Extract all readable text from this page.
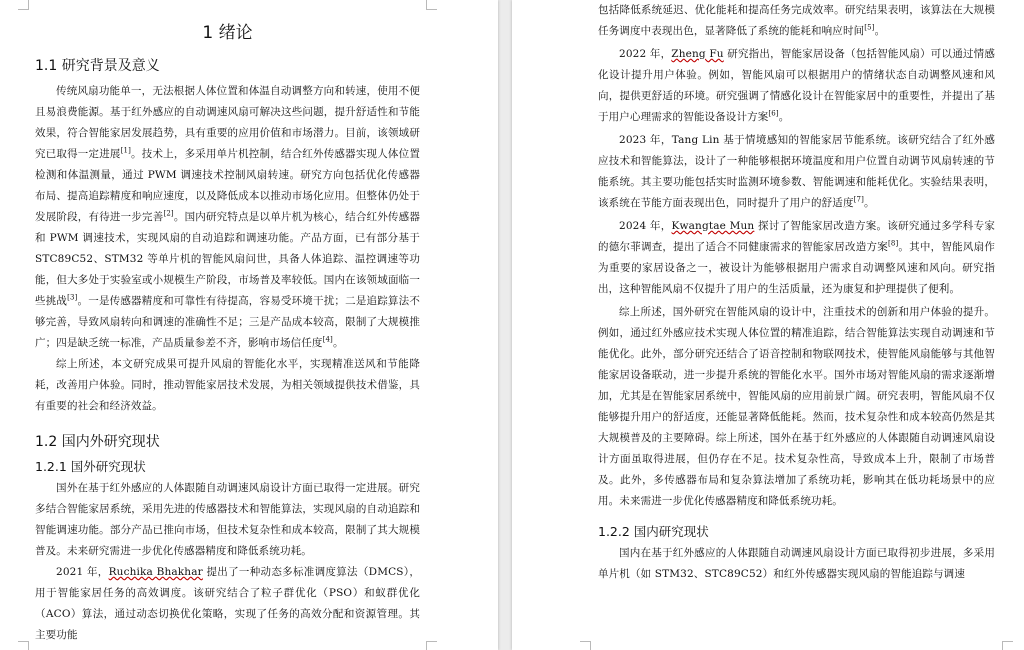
1 绪论
1.1 研究背景及意义

传统风扇功能单一，无法根据人体位置和体温自动调整方向和转速，使用不便且易浪费能源。基于红外感应的自动调速风扇可解决这些问题，提升舒适性和节能效果，符合智能家居发展趋势，具有重要的应用价值和市场潜力。目前，该领域研究已取得一定进展[1]。技术上，多采用单片机控制，结合红外传感器实现人体位置检测和体温测量，通过 PWM 调速技术控制风扇转速。研究方向包括优化传感器布局、提高追踪精度和响应速度，以及降低成本以推动市场化应用。但整体仍处于发展阶段，有待进一步完善[2]。国内研究特点是以单片机为核心，结合红外传感器和 PWM 调速技术，实现风扇的自动追踪和调速功能。产品方面，已有部分基于 STC89C52、STM32 等单片机的智能风扇问世，具备人体追踪、温控调速等功能，但大多处于实验室或小规模生产阶段，市场普及率较低。国内在该领域面临一些挑战[3]。一是传感器精度和可靠性有待提高，容易受环境干扰；二是追踪算法不够完善，导致风扇转向和调速的准确性不足；三是产品成本较高，限制了大规模推广；四是缺乏统一标准，产品质量参差不齐，影响市场信任度[4]。

综上所述，本文研究成果可提升风扇的智能化水平，实现精准送风和节能降耗，改善用户体验。同时，推动智能家居技术发展，为相关领域提供技术借鉴，具有重要的社会和经济效益。

1.2 国内外研究现状
1.2.1 国外研究现状

国外在基于红外感应的人体跟随自动调速风扇设计方面已取得一定进展。研究多结合智能家居系统，采用先进的传感器技术和智能算法，实现风扇的自动追踪和智能调速功能。部分产品已推向市场，但技术复杂性和成本较高，限制了其大规模普及。未来研究需进一步优化传感器精度和降低系统功耗。

2021 年，Ruchika Bhakhar 提出了一种动态多标准调度算法（DMCS），用于智能家居任务的高效调度。该研究结合了粒子群优化（PSO）和蚁群优化（ACO）算法，通过动态切换优化策略，实现了任务的高效分配和资源管理。其主要功能

包括降低系统延迟、优化能耗和提高任务完成效率。研究结果表明，该算法在大规模任务调度中表现出色，显著降低了系统的能耗和响应时间[5]。

2022 年，Zheng Fu 研究指出，智能家居设备（包括智能风扇）可以通过情感化设计提升用户体验。例如，智能风扇可以根据用户的情绪状态自动调整风速和风向，提供更舒适的环境。研究强调了情感化设计在智能家居中的重要性，并提出了基于用户心理需求的智能设备设计方案[6]。

2023 年，Tang Lin 基于情境感知的智能家居节能系统。该研究结合了红外感应技术和智能算法，设计了一种能够根据环境温度和用户位置自动调节风扇转速的节能系统。其主要功能包括实时监测环境参数、智能调速和能耗优化。实验结果表明，该系统在节能方面表现出色，同时提升了用户的舒适度[7]。

2024 年，Kwangtae Mun 探讨了智能家居改造方案。该研究通过多学科专家的德尔菲调查，提出了适合不同健康需求的智能家居改造方案[8]。其中，智能风扇作为重要的家居设备之一，被设计为能够根据用户需求自动调整风速和风向。研究指出，这种智能风扇不仅提升了用户的生活质量，还为康复和护理提供了便利。

综上所述，国外研究在智能风扇的设计中，注重技术的创新和用户体验的提升。例如，通过红外感应技术实现人体位置的精准追踪，结合智能算法实现自动调速和节能优化。此外，部分研究还结合了语音控制和物联网技术，使智能风扇能够与其他智能家居设备联动，进一步提升系统的智能化水平。国外市场对智能风扇的需求逐渐增加，尤其是在智能家居系统中，智能风扇的应用前景广阔。研究表明，智能风扇不仅能够提升用户的舒适度，还能显著降低能耗。然而，技术复杂性和成本较高仍然是其大规模普及的主要障碍。综上所述，国外在基于红外感应的人体跟随自动调速风扇设计方面虽取得进展，但仍存在不足。技术复杂性高，导致成本上升，限制了市场普及。此外，多传感器布局和复杂算法增加了系统功耗，影响其在低功耗场景中的应用。未来需进一步优化传感器精度和降低系统功耗。

1.2.2 国内研究现状

国内在基于红外感应的人体跟随自动调速风扇设计方面已取得初步进展，多采用单片机（如 STM32、STC89C52）和红外传感器实现风扇的智能追踪与调速
